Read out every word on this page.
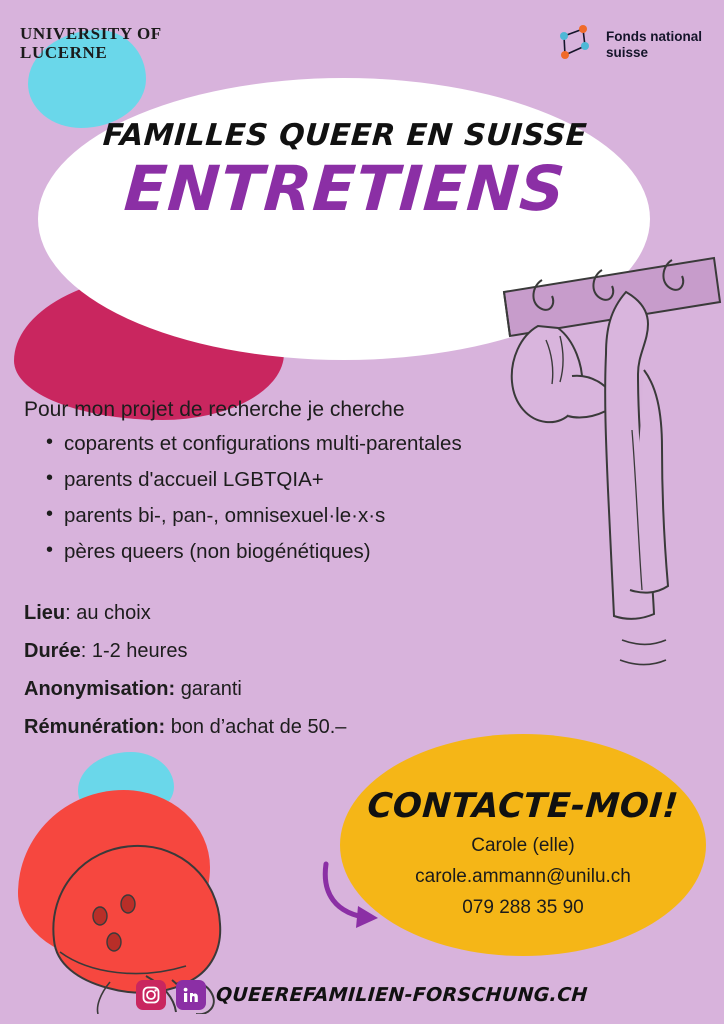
UNIVERSITY OF
LUCERNE
Fonds national
suisse
FAMILLES QUEER EN SUISSE
ENTRETIENS
Pour mon projet de recherche je cherche
• coparents et configurations multi-parentales
• parents d'accueil LGBTQIA+
• parents bi-, pan-, omnisexuel·le·x·s
• pères queers (non biogénétiques)
Lieu: au choix
Durée: 1-2 heures
Anonymisation: garanti
Rémunération: bon d’achat de 50.–
CONTACTE-MOI!
Carole (elle)
carole.ammann@unilu.ch
079 288 35 90
QUEEREFAMILIEN-FORSCHUNG.CH
